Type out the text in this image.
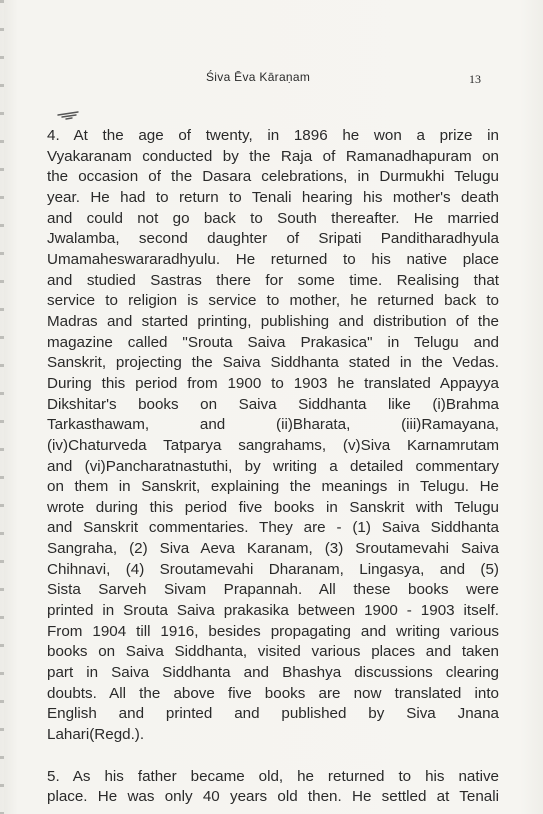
Śiva Ēva Kāraṇam	13
4. At the age of twenty, in 1896 he won a prize in
Vyakaranam conducted by the Raja of Ramanadhapuram on
the occasion of the Dasara celebrations, in Durmukhi Telugu
year. He had to return to Tenali hearing his mother's death
and could not go back to South thereafter. He married
Jwalamba, second daughter of Sripati Panditharadhyula
Umamaheswararadhyulu. He returned to his native place
and studied Sastras there for some time. Realising that
service to religion is service to mother, he returned back to
Madras and started printing, publishing and distribution of the
magazine called "Srouta Saiva Prakasica" in Telugu and
Sanskrit, projecting the Saiva Siddhanta stated in the Vedas.
During this period from 1900 to 1903 he translated Appayya
Dikshitar's books on Saiva Siddhanta like (i)Brahma
Tarkasthawam, and (ii)Bharata, (iii)Ramayana,
(iv)Chaturveda Tatparya sangrahams, (v)Siva Karnamrutam
and (vi)Pancharatnastuthi, by writing a detailed commentary
on them in Sanskrit, explaining the meanings in Telugu. He
wrote during this period five books in Sanskrit with Telugu
and Sanskrit commentaries. They are - (1) Saiva Siddhanta
Sangraha, (2) Siva Aeva Karanam, (3) Sroutamevahi Saiva
Chihnavi, (4) Sroutamevahi Dharanam, Lingasya, and (5)
Sista Sarveh Sivam Prapannah. All these books were
printed in Srouta Saiva prakasika between 1900 - 1903 itself.
From 1904 till 1916, besides propagating and writing various
books on Saiva Siddhanta, visited various places and taken
part in Saiva Siddhanta and Bhashya discussions clearing
doubts. All the above five books are now translated into
English and printed and published by Siva Jnana
Lahari(Regd.).
5. As his father became old, he returned to his native
place. He was only 40 years old then. He settled at Tenali
